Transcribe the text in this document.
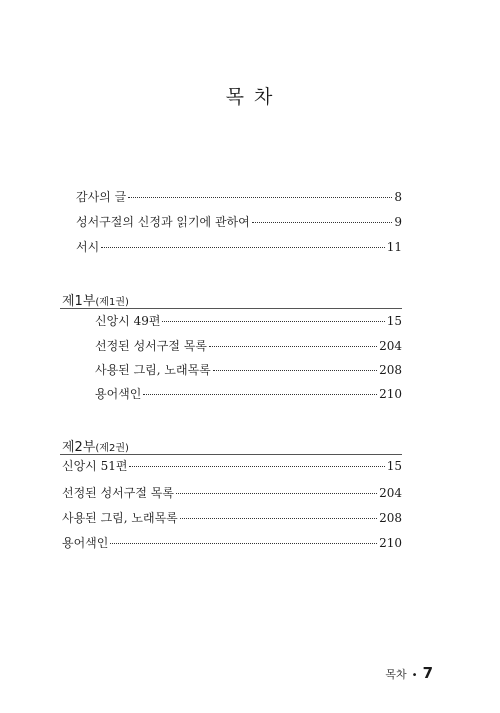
목 차
감사의 글	8
성서구절의 신정과 읽기에 관하여	9
서시	11
제1부(제1권)
신앙시 49편	15
선정된 성서구절 목록	204
사용된 그림, 노래목록	208
용어색인	210
제2부(제2권)
신앙시 51편	15
선정된 성서구절 목록	204
사용된 그림, 노래목록	208
용어색인	210
목차 • 7
